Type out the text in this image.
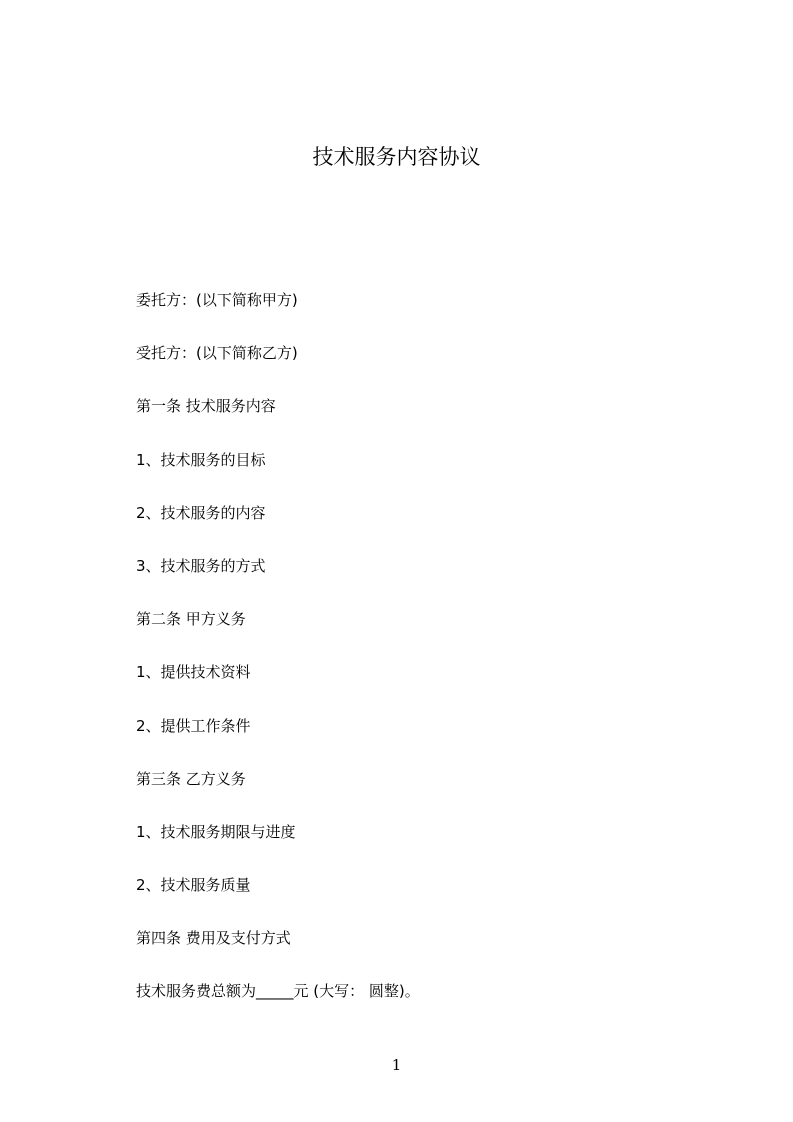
技术服务内容协议
委托方：(以下简称甲方)
受托方：(以下简称乙方)
第一条 技术服务内容
1、技术服务的目标
2、技术服务的内容
3、技术服务的方式
第二条 甲方义务
1、提供技术资料
2、提供工作条件
第三条 乙方义务
1、技术服务期限与进度
2、技术服务质量
第四条 费用及支付方式
技术服务费总额为_____元 (大写： 圆整)。
1
